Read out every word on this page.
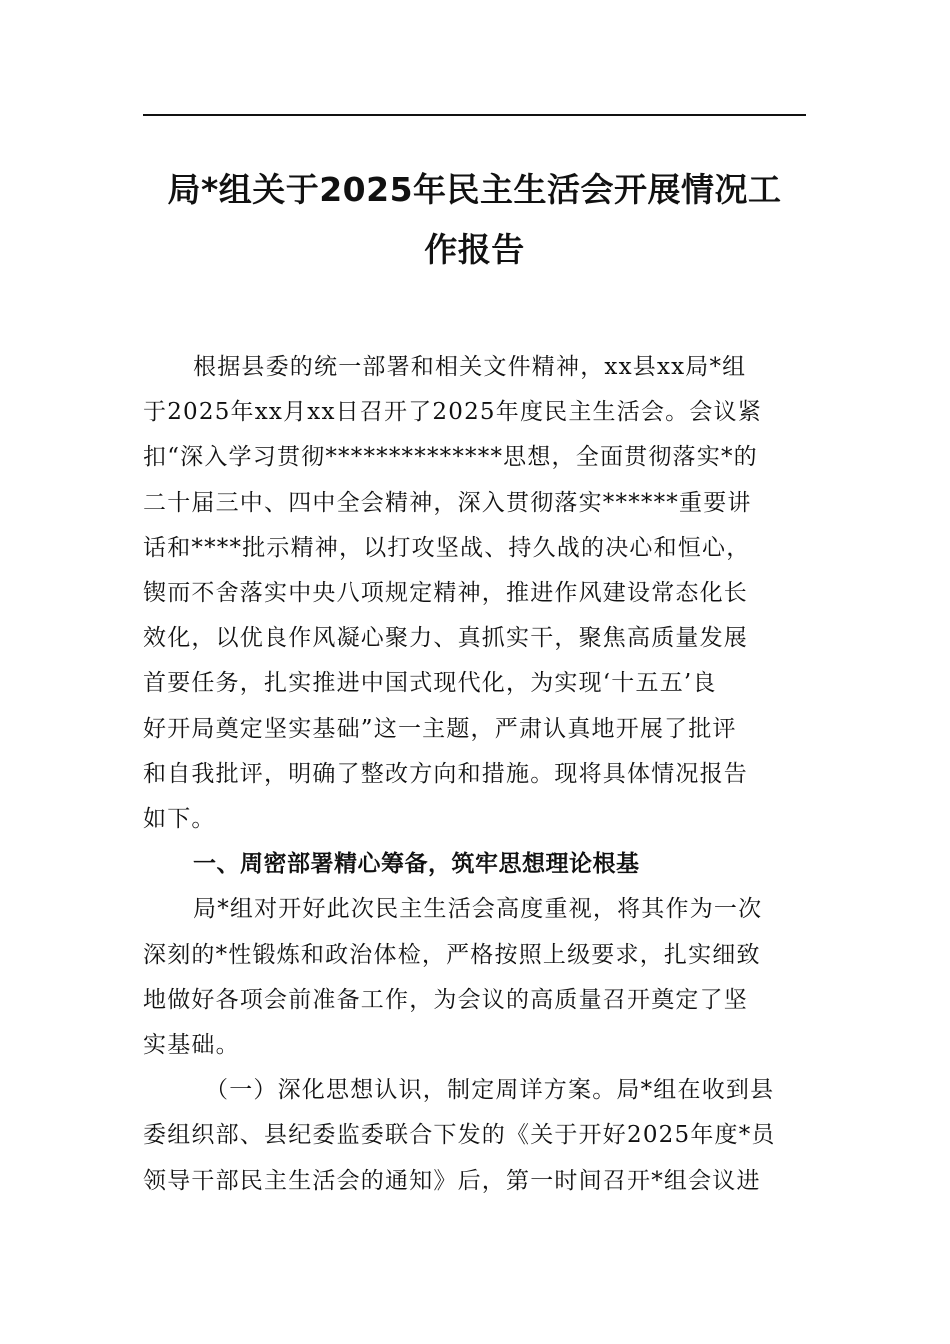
局*组关于2025年民主生活会开展情况工
作报告
根据县委的统一部署和相关文件精神，xx县xx局*组
于2025年xx月xx日召开了2025年度民主生活会。会议紧
扣“深入学习贯彻**************思想，全面贯彻落实*的
二十届三中、四中全会精神，深入贯彻落实******重要讲
话和****批示精神，以打攻坚战、持久战的决心和恒心，
锲而不舍落实中央八项规定精神，推进作风建设常态化长
效化，以优良作风凝心聚力、真抓实干，聚焦高质量发展
首要任务，扎实推进中国式现代化，为实现‘十五五’良
好开局奠定坚实基础”这一主题，严肃认真地开展了批评
和自我批评，明确了整改方向和措施。现将具体情况报告
如下。
一、周密部署精心筹备，筑牢思想理论根基
局*组对开好此次民主生活会高度重视，将其作为一次
深刻的*性锻炼和政治体检，严格按照上级要求，扎实细致
地做好各项会前准备工作，为会议的高质量召开奠定了坚
实基础。
（一）深化思想认识，制定周详方案。局*组在收到县
委组织部、县纪委监委联合下发的《关于开好2025年度*员
领导干部民主生活会的通知》后，第一时间召开*组会议进
